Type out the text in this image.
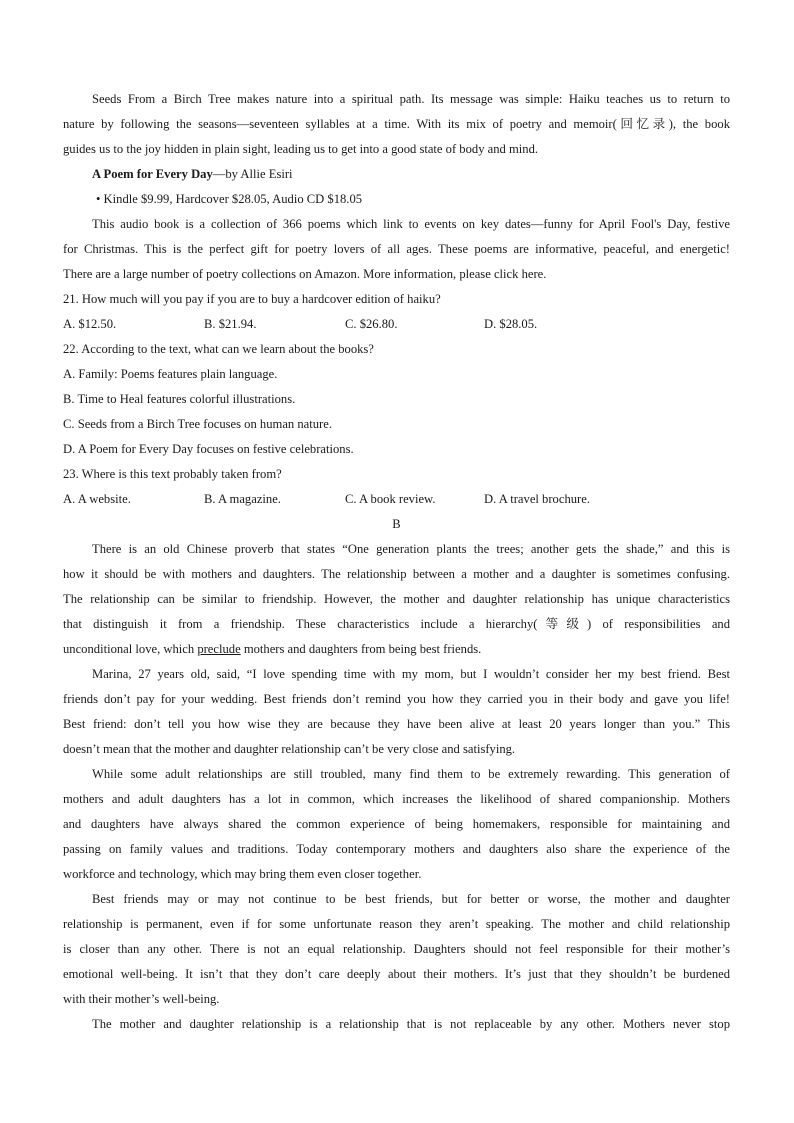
Seeds From a Birch Tree makes nature into a spiritual path. Its message was simple: Haiku teaches us to return to
nature by following the seasons—seventeen syllables at a time. With its mix of poetry and memoir(回忆录), the book
guides us to the joy hidden in plain sight, leading us to get into a good state of body and mind.
A Poem for Every Day—by Allie Esiri
• Kindle $9.99, Hardcover $28.05, Audio CD $18.05
This audio book is a collection of 366 poems which link to events on key dates—funny for April Fool's Day, festive
for Christmas. This is the perfect gift for poetry lovers of all ages. These poems are informative, peaceful, and energetic!
There are a large number of poetry collections on Amazon. More information, please click here.
21. How much will you pay if you are to buy a hardcover edition of haiku?
A. $12.50.	B. $21.94.	C. $26.80.	D. $28.05.
22. According to the text, what can we learn about the books?
A. Family: Poems features plain language.
B. Time to Heal features colorful illustrations.
C. Seeds from a Birch Tree focuses on human nature.
D. A Poem for Every Day focuses on festive celebrations.
23. Where is this text probably taken from?
A. A website.	B. A magazine.	C. A book review.	D. A travel brochure.
B
There is an old Chinese proverb that states “One generation plants the trees; another gets the shade,” and this is
how it should be with mothers and daughters. The relationship between a mother and a daughter is sometimes confusing.
The relationship can be similar to friendship. However, the mother and daughter relationship has unique characteristics
that distinguish it from a friendship. These characteristics include a hierarchy(等级) of responsibilities and
unconditional love, which preclude mothers and daughters from being best friends.
Marina, 27 years old, said, “I love spending time with my mom, but I wouldn’t consider her my best friend. Best
friends don’t pay for your wedding. Best friends don’t remind you how they carried you in their body and gave you life!
Best friend: don’t tell you how wise they are because they have been alive at least 20 years longer than you.” This
doesn’t mean that the mother and daughter relationship can’t be very close and satisfying.
While some adult relationships are still troubled, many find them to be extremely rewarding. This generation of
mothers and adult daughters has a lot in common, which increases the likelihood of shared companionship. Mothers
and daughters have always shared the common experience of being homemakers, responsible for maintaining and
passing on family values and traditions. Today contemporary mothers and daughters also share the experience of the
workforce and technology, which may bring them even closer together.
Best friends may or may not continue to be best friends, but for better or worse, the mother and daughter
relationship is permanent, even if for some unfortunate reason they aren’t speaking. The mother and child relationship
is closer than any other. There is not an equal relationship. Daughters should not feel responsible for their mother’s
emotional well-being. It isn’t that they don’t care deeply about their mothers. It’s just that they shouldn’t be burdened
with their mother’s well-being.
The mother and daughter relationship is a relationship that is not replaceable by any other. Mothers never stop
